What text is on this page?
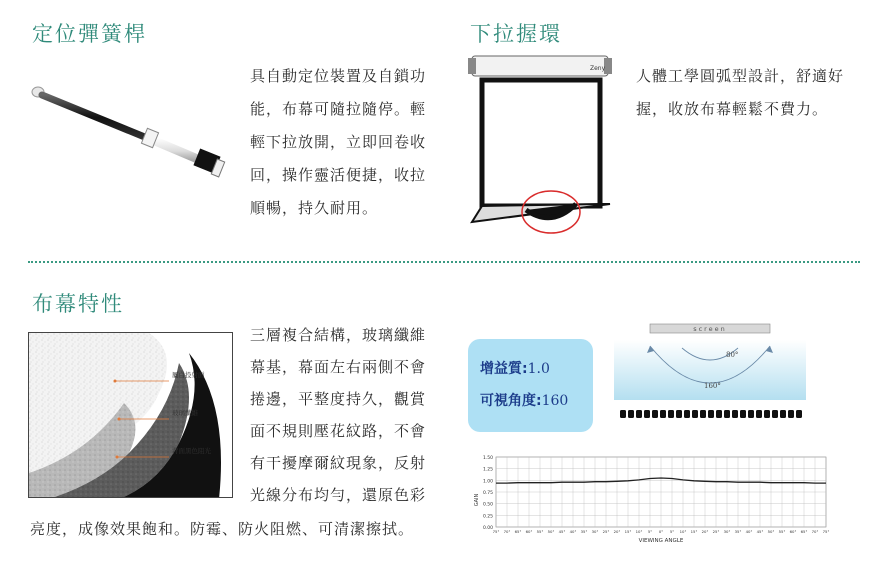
定位彈簧桿
具自動定位裝置及自鎖功
能，布幕可隨拉隨停。輕
輕下拉放開，立即回卷收
回，操作靈活便捷，收拉
順暢，持久耐用。
下拉握環
Zeny 人體工學圓弧型設計，舒適好
握，收放布幕輕鬆不費力。
布幕特性
屬白投射面
玻璃纖維
背面黑色阻光
三層複合結構，玻璃纖維
幕基，幕面左右兩側不會
捲邊，平整度持久，觀賞
面不規則壓花紋路，不會
有干擾摩爾紋現象，反射
光線分布均勻，還原色彩
亮度，成像效果飽和。防霉、防火阻燃、可清潔擦拭。
增益質:1.0
可視角度:160
screen
80°
160°
1.50
1.25
1.00
0.75
0.50
0.25
0.00
75° 70° 65° 60° 55° 50° 45° 40° 35° 30° 25° 20° 15° 10° 5° 0° 5° 10° 15° 20° 25° 30° 35° 40° 45° 50° 55° 60° 65° 70° 75°
GAIN
VIEWING ANGLE
